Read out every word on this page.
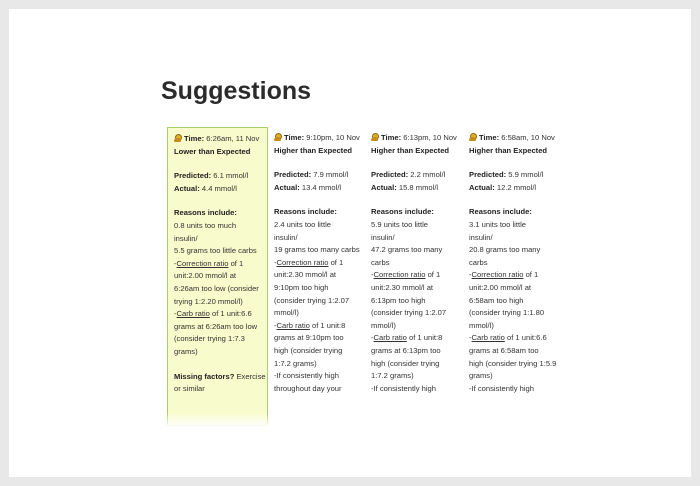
Suggestions
Time: 6:26am, 11 Nov
Lower than Expected
Predicted: 6.1 mmol/l
Actual: 4.4 mmol/l
Reasons include:
0.8 units too much
insulin/
5.5 grams too little carbs
-Correction ratio of 1
unit:2.00 mmol/l at
6:26am too low (consider
trying 1:2.20 mmol/l)
-Carb ratio of 1 unit:6.6
grams at 6:26am too low
(consider trying 1:7.3
grams)
Missing factors? Exercise
or similar
Time: 9:10pm, 10 Nov
Higher than Expected
Predicted: 7.9 mmol/l
Actual: 13.4 mmol/l
Reasons include:
2.4 units too little
insulin/
19 grams too many carbs
-Correction ratio of 1
unit:2.30 mmol/l at
9:10pm too high
(consider trying 1:2.07
mmol/l)
-Carb ratio of 1 unit:8
grams at 9:10pm too
high (consider trying
1:7.2 grams)
-If consistently high
throughout day your
Time: 6:13pm, 10 Nov
Higher than Expected
Predicted: 2.2 mmol/l
Actual: 15.8 mmol/l
Reasons include:
5.9 units too little
insulin/
47.2 grams too many
carbs
-Correction ratio of 1
unit:2.30 mmol/l at
6:13pm too high
(consider trying 1:2.07
mmol/l)
-Carb ratio of 1 unit:8
grams at 6:13pm too
high (consider trying
1:7.2 grams)
-If consistently high
Time: 6:58am, 10 Nov
Higher than Expected
Predicted: 5.9 mmol/l
Actual: 12.2 mmol/l
Reasons include:
3.1 units too little
insulin/
20.8 grams too many
carbs
-Correction ratio of 1
unit:2.00 mmol/l at
6:58am too high
(consider trying 1:1.80
mmol/l)
-Carb ratio of 1 unit:6.6
grams at 6:58am too
high (consider trying 1:5.9
grams)
-If consistently high
